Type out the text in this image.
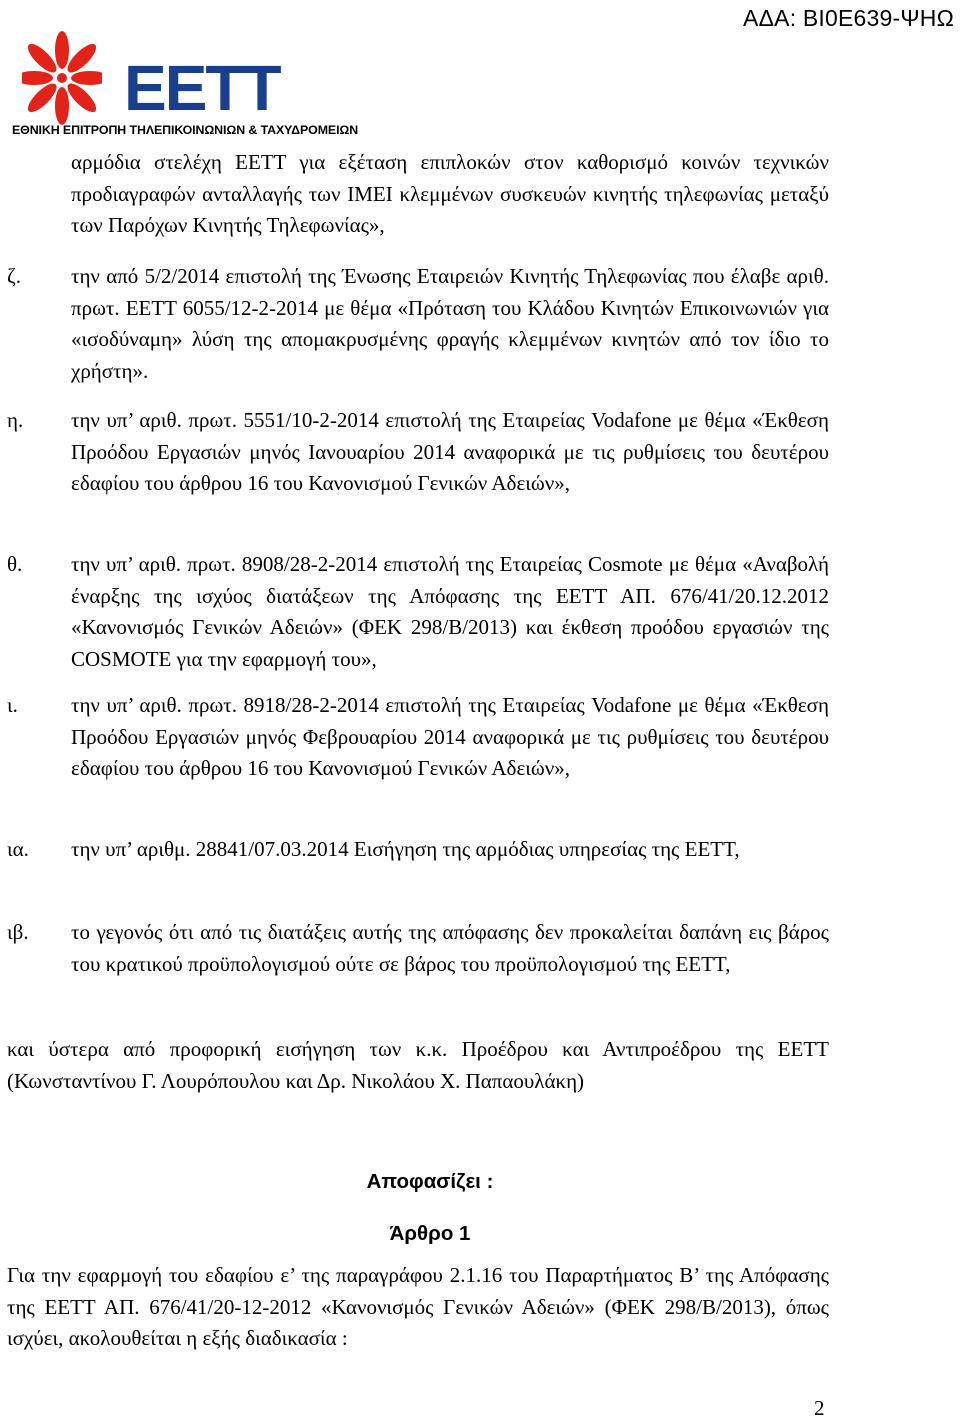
ΑΔΑ: ΒΙ0Ε639-ΨΗΩ
ΕΕΤΤ
ΕΘΝΙΚΗ ΕΠΙΤΡΟΠΗ ΤΗΛΕΠΙΚΟΙΝΩΝΙΩΝ & ΤΑΧΥΔΡΟΜΕΙΩΝ
αρμόδια στελέχη ΕΕΤΤ για εξέταση επιπλοκών στον καθορισμό κοινών τεχνικών προδιαγραφών ανταλλαγής των IMEI κλεμμένων συσκευών κινητής τηλεφωνίας μεταξύ των Παρόχων Κινητής Τηλεφωνίας»,
ζ. την από 5/2/2014 επιστολή της Ένωσης Εταιρειών Κινητής Τηλεφωνίας που έλαβε αριθ. πρωτ. ΕΕΤΤ 6055/12-2-2014 με θέμα «Πρόταση του Κλάδου Κινητών Επικοινωνιών για «ισοδύναμη» λύση της απομακρυσμένης φραγής κλεμμένων κινητών από τον ίδιο το χρήστη».
η. την υπ’ αριθ. πρωτ. 5551/10-2-2014 επιστολή της Εταιρείας Vodafone με θέμα «Έκθεση Προόδου Εργασιών μηνός Ιανουαρίου 2014 αναφορικά με τις ρυθμίσεις του δευτέρου εδαφίου του άρθρου 16 του Κανονισμού Γενικών Αδειών»,
θ. την υπ’ αριθ. πρωτ. 8908/28-2-2014 επιστολή της Εταιρείας Cosmote με θέμα «Αναβολή έναρξης της ισχύος διατάξεων της Απόφασης της ΕΕΤΤ ΑΠ. 676/41/20.12.2012 «Κανονισμός Γενικών Αδειών» (ΦΕΚ 298/Β/2013) και έκθεση προόδου εργασιών της COSMOTE για την εφαρμογή του»,
ι.	την υπ’ αριθ. πρωτ. 8918/28-2-2014 επιστολή της Εταιρείας Vodafone με θέμα «Έκθεση Προόδου Εργασιών μηνός Φεβρουαρίου 2014 αναφορικά με τις ρυθμίσεις του δευτέρου εδαφίου του άρθρου 16 του Κανονισμού Γενικών Αδειών»,
ια. την υπ’ αριθμ. 28841/07.03.2014 Εισήγηση της αρμόδιας υπηρεσίας της ΕΕΤΤ,
ιβ. το γεγονός ότι από τις διατάξεις αυτής της απόφασης δεν προκαλείται δαπάνη εις βάρος του κρατικού προϋπολογισμού ούτε σε βάρος του προϋπολογισμού της ΕΕΤΤ,
και ύστερα από προφορική εισήγηση των κ.κ. Προέδρου και Αντιπροέδρου της ΕΕΤΤ (Κωνσταντίνου Γ. Λουρόπουλου και Δρ. Νικολάου Χ. Παπαουλάκη)
Αποφασίζει :
Άρθρο 1
Για την εφαρμογή του εδαφίου ε’ της παραγράφου 2.1.16 του Παραρτήματος Β’ της Απόφασης της ΕΕΤΤ ΑΠ. 676/41/20-12-2012 «Κανονισμός Γενικών Αδειών» (ΦΕΚ 298/Β/2013), όπως ισχύει, ακολουθείται η εξής διαδικασία :
2
